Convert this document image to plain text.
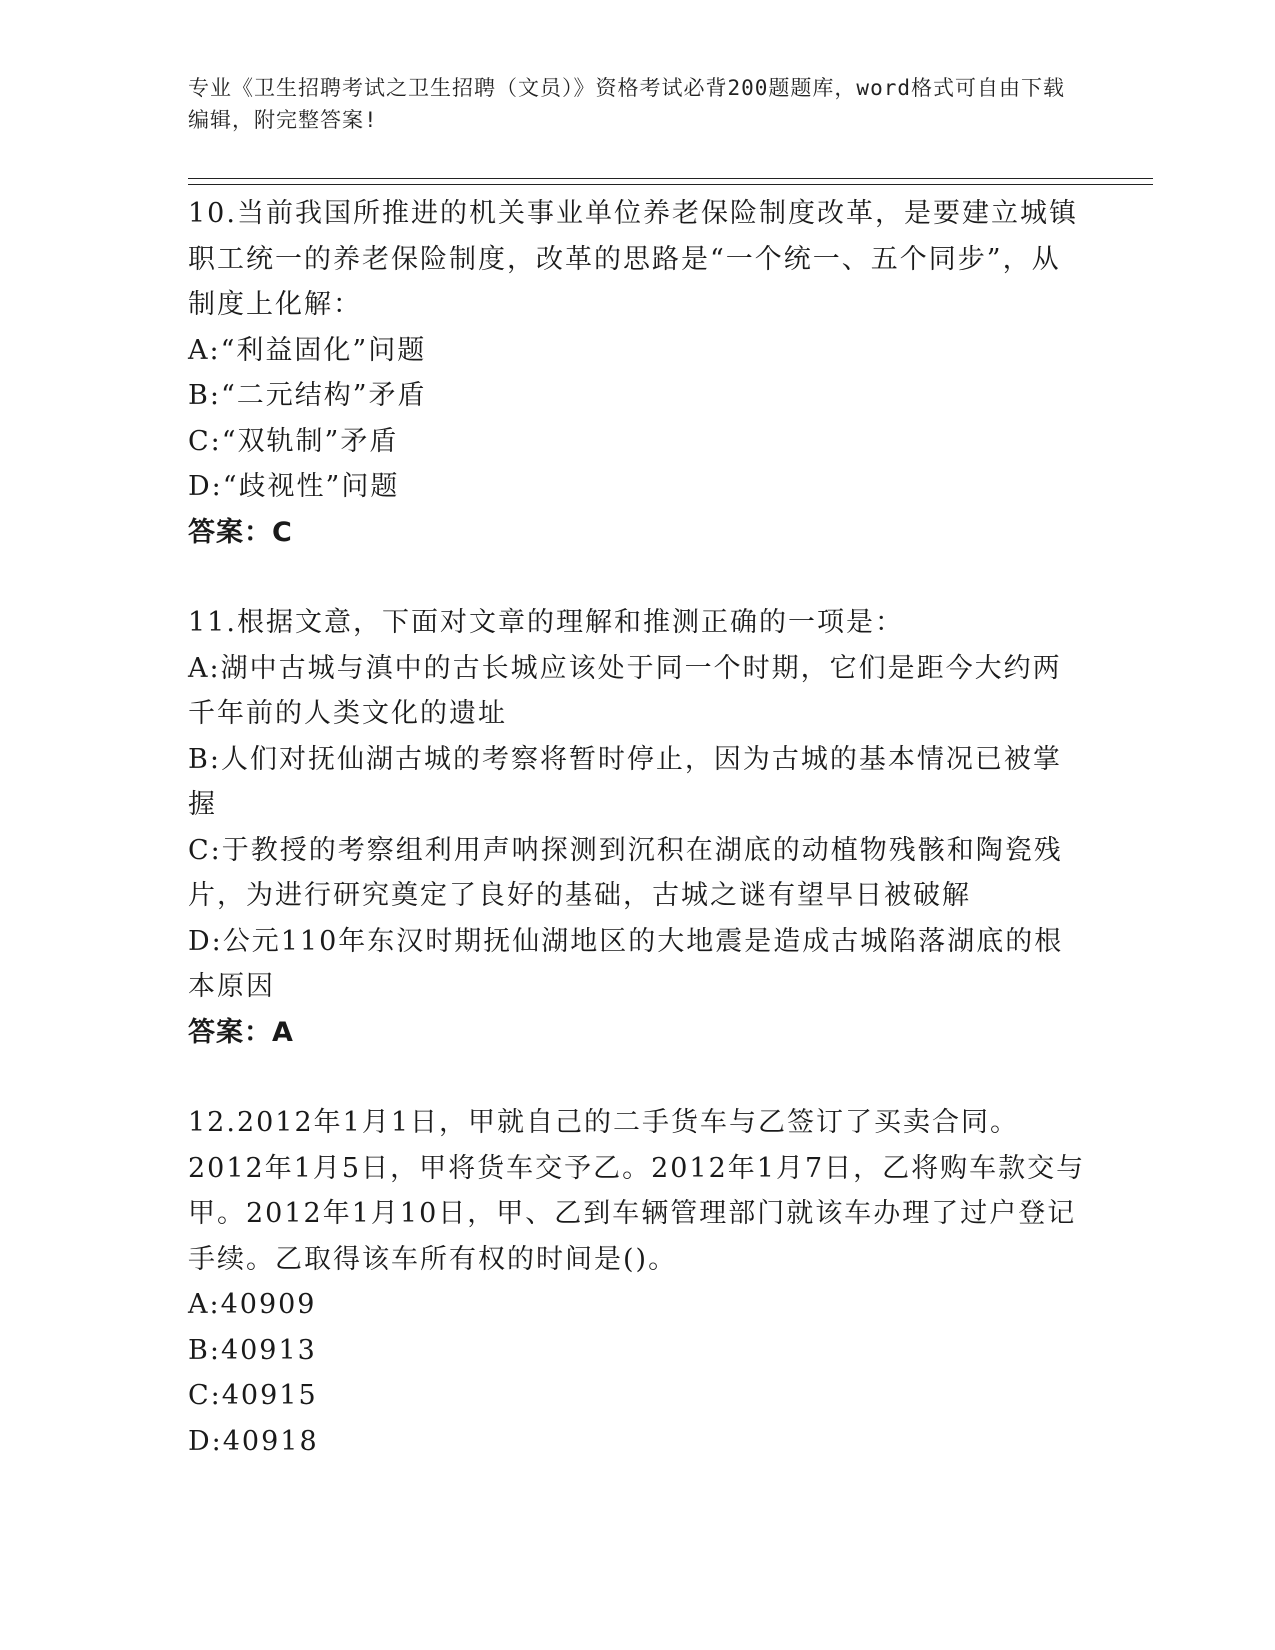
专业《卫生招聘考试之卫生招聘（文员）》资格考试必背200题题库，word格式可自由下载编辑，附完整答案!
10.当前我国所推进的机关事业单位养老保险制度改革，是要建立城镇职工统一的养老保险制度，改革的思路是“一个统一、五个同步”，从制度上化解：
A:“利益固化”问题
B:“二元结构”矛盾
C:“双轨制”矛盾
D:“歧视性”问题
答案：C
11.根据文意，下面对文章的理解和推测正确的一项是：
A:湖中古城与滇中的古长城应该处于同一个时期，它们是距今大约两千年前的人类文化的遗址
B:人们对抚仙湖古城的考察将暂时停止，因为古城的基本情况已被掌握
C:于教授的考察组利用声呐探测到沉积在湖底的动植物残骸和陶瓷残片，为进行研究奠定了良好的基础，古城之谜有望早日被破解
D:公元110年东汉时期抚仙湖地区的大地震是造成古城陷落湖底的根本原因
答案：A
12.2012年1月1日，甲就自己的二手货车与乙签订了买卖合同。2012年1月5日，甲将货车交予乙。2012年1月7日，乙将购车款交与甲。2012年1月10日，甲、乙到车辆管理部门就该车办理了过户登记手续。乙取得该车所有权的时间是()。
A:40909
B:40913
C:40915
D:40918
